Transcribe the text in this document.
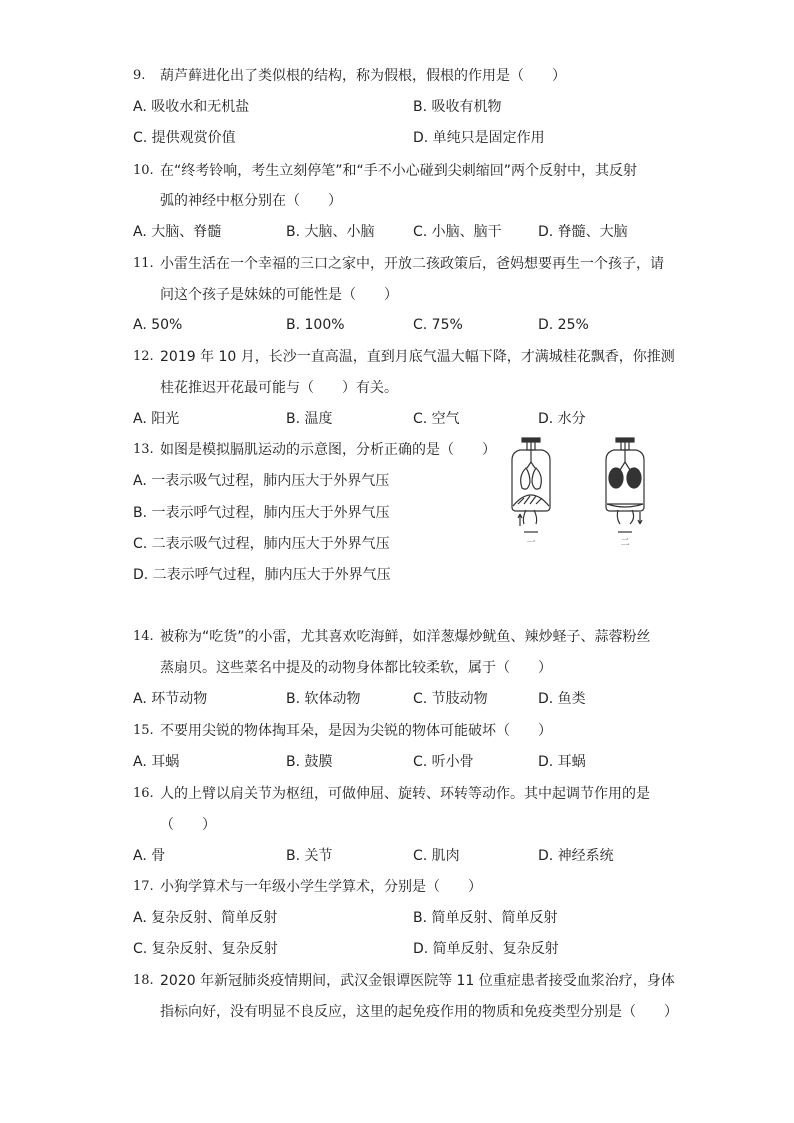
9. 葫芦藓进化出了类似根的结构，称为假根，假根的作用是（　　）
A. 吸收水和无机盐	B. 吸收有机物
C. 提供观赏价值	D. 单纯只是固定作用
10. 在“终考铃响，考生立刻停笔”和“手不小心碰到尖刺缩回”两个反射中，其反射
弧的神经中枢分别在（　　）
A. 大脑、脊髓	B. 大脑、小脑	C. 小脑、脑干	D. 脊髓、大脑
11. 小雷生活在一个幸福的三口之家中，开放二孩政策后，爸妈想要再生一个孩子，请
问这个孩子是妹妹的可能性是（　　）
A. 50%	B. 100%	C. 75%	D. 25%
12. 2019 年 10 月，长沙一直高温，直到月底气温大幅下降，才满城桂花飘香，你推测
桂花推迟开花最可能与（　　）有关。
A. 阳光	B. 温度	C. 空气	D. 水分
13. 如图是模拟膈肌运动的示意图，分析正确的是（　　）
A. 一表示吸气过程，肺内压大于外界气压
B. 一表示呼气过程，肺内压大于外界气压
C. 二表示吸气过程，肺内压大于外界气压
D. 二表示呼气过程，肺内压大于外界气压
一	二
14. 被称为“吃货”的小雷，尤其喜欢吃海鲜，如洋葱爆炒鱿鱼、辣炒蛏子、蒜蓉粉丝
蒸扇贝。这些菜名中提及的动物身体都比较柔软，属于（　　）
A. 环节动物	B. 软体动物	C. 节肢动物	D. 鱼类
15. 不要用尖锐的物体掏耳朵，是因为尖锐的物体可能破坏（　　）
A. 耳蜗	B. 鼓膜	C. 听小骨	D. 耳蜗
16. 人的上臂以肩关节为枢纽，可做伸屈、旋转、环转等动作。其中起调节作用的是
（　　）
A. 骨	B. 关节	C. 肌肉	D. 神经系统
17. 小狗学算术与一年级小学生学算术，分别是（　　）
A. 复杂反射、简单反射	B. 简单反射、简单反射
C. 复杂反射、复杂反射	D. 简单反射、复杂反射
18. 2020 年新冠肺炎疫情期间，武汉金银谭医院等 11 位重症患者接受血浆治疗，身体
指标向好，没有明显不良反应，这里的起免疫作用的物质和免疫类型分别是（　　）
